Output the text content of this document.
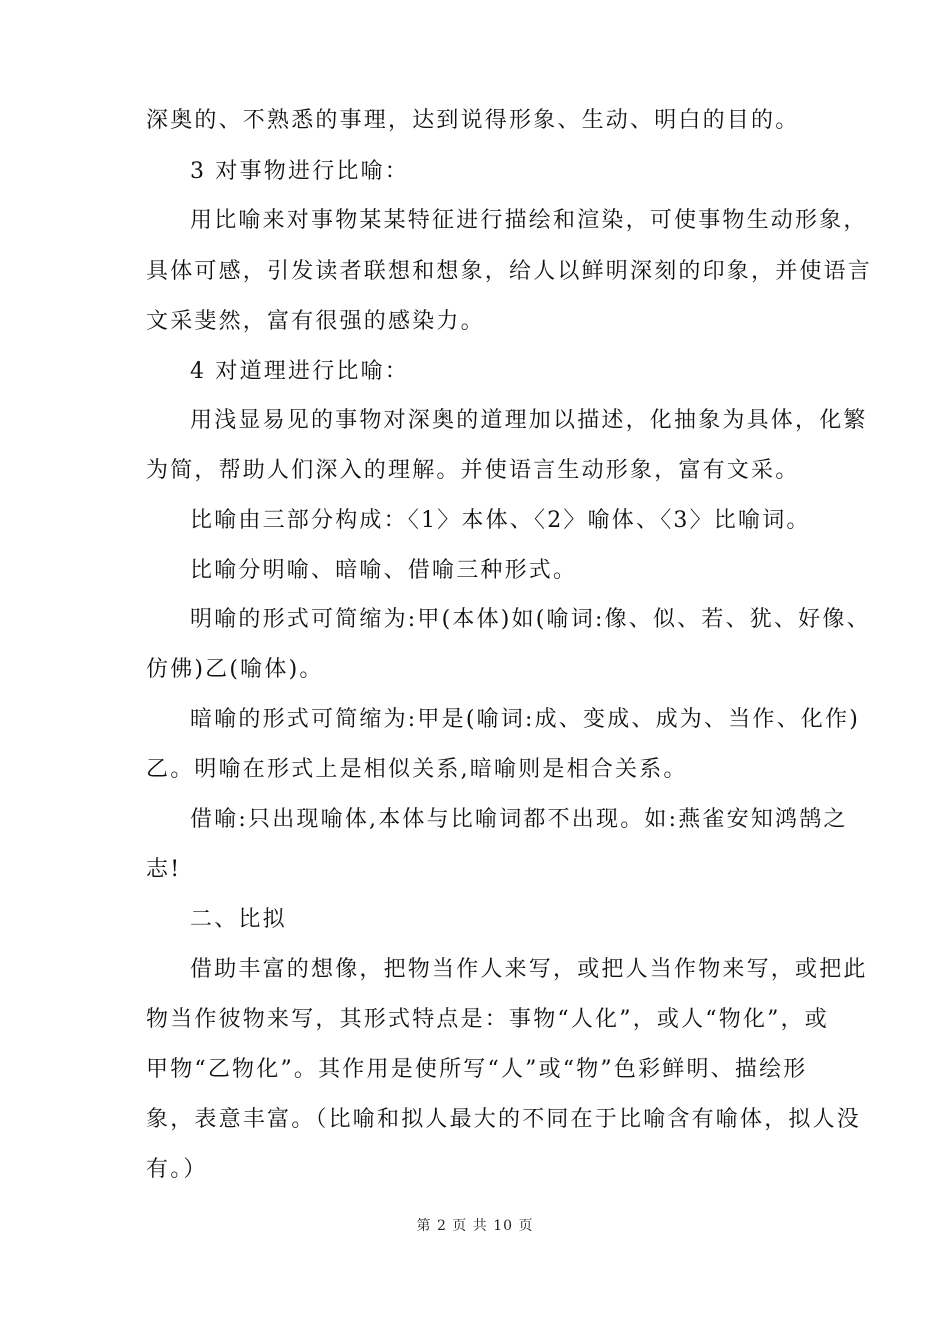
深奥的、不熟悉的事理，达到说得形象、生动、明白的目的。
3 对事物进行比喻：
用比喻来对事物某某特征进行描绘和渲染，可使事物生动形象，
具体可感，引发读者联想和想象，给人以鲜明深刻的印象，并使语言
文采斐然，富有很强的感染力。
4 对道理进行比喻：
用浅显易见的事物对深奥的道理加以描述，化抽象为具体，化繁
为简，帮助人们深入的理解。并使语言生动形象，富有文采。
比喻由三部分构成：〈1〉本体、〈2〉喻体、〈3〉比喻词。
比喻分明喻、暗喻、借喻三种形式。
明喻的形式可简缩为:甲(本体)如(喻词:像、似、若、犹、好像、
仿佛)乙(喻体)。
暗喻的形式可简缩为:甲是(喻词:成、变成、成为、当作、化作)
乙。明喻在形式上是相似关系,暗喻则是相合关系。
借喻:只出现喻体,本体与比喻词都不出现。如:燕雀安知鸿鹄之
志!
二、比拟
借助丰富的想像，把物当作人来写，或把人当作物来写，或把此
物当作彼物来写，其形式特点是：事物“人化”，或人“物化”，或
甲物“乙物化”。其作用是使所写“人”或“物”色彩鲜明、描绘形
象，表意丰富。（比喻和拟人最大的不同在于比喻含有喻体，拟人没
有。）
第 2 页 共 10 页
